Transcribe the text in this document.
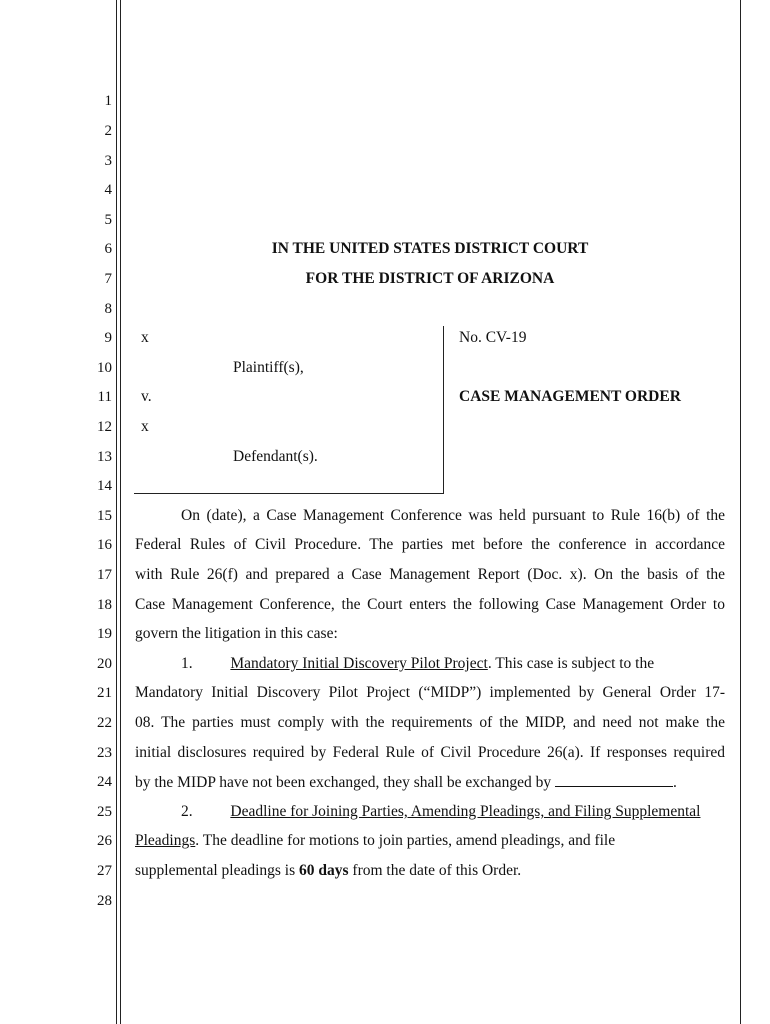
1
2
3
4
5
6
7
8
9
10
11
12
13
14
15
16
17
18
19
20
21
22
23
24
25
26
27
28
IN THE UNITED STATES DISTRICT COURT
FOR THE DISTRICT OF ARIZONA
x
Plaintiff(s),
v.
x
Defendant(s).
No. CV-19
CASE MANAGEMENT ORDER
On (date), a Case Management Conference was held pursuant to Rule 16(b) of the
Federal Rules of Civil Procedure. The parties met before the conference in accordance
with Rule 26(f) and prepared a Case Management Report (Doc. x). On the basis of the
Case Management Conference, the Court enters the following Case Management Order to
govern the litigation in this case:
1. Mandatory Initial Discovery Pilot Project. This case is subject to the
Mandatory Initial Discovery Pilot Project (“MIDP”) implemented by General Order 17-
08. The parties must comply with the requirements of the MIDP, and need not make the
initial disclosures required by Federal Rule of Civil Procedure 26(a). If responses required
by the MIDP have not been exchanged, they shall be exchanged by	.
2. Deadline for Joining Parties, Amending Pleadings, and Filing Supplemental
Pleadings. The deadline for motions to join parties, amend pleadings, and file
supplemental pleadings is 60 days from the date of this Order.
